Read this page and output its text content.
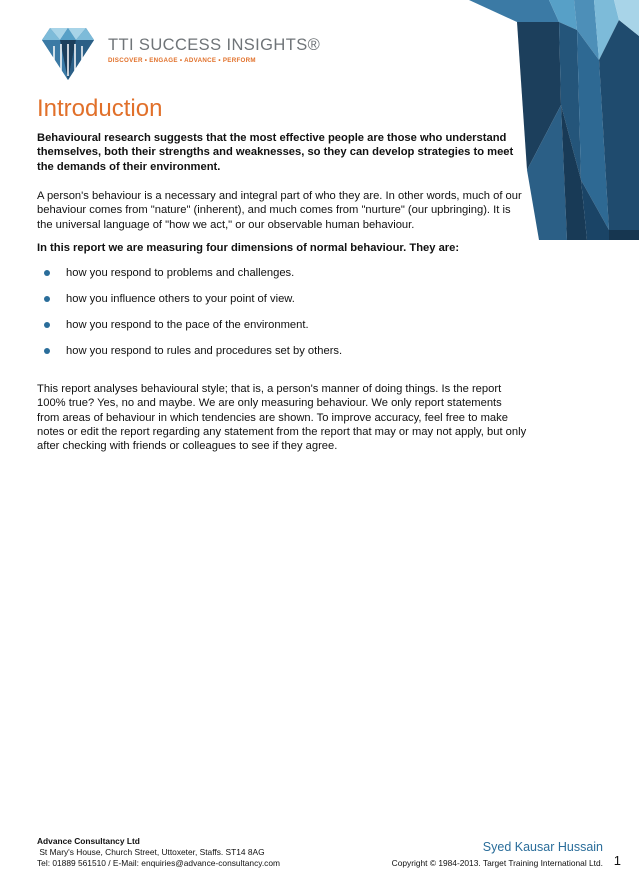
TTI SUCCESS INSIGHTS®
DISCOVER • ENGAGE • ADVANCE • PERFORM
Introduction

Behavioural research suggests that the most effective people are those who understand themselves, both their strengths and weaknesses, so they can develop strategies to meet the demands of their environment.

A person's behaviour is a necessary and integral part of who they are. In other words, much of our behaviour comes from "nature" (inherent), and much comes from "nurture" (our upbringing). It is the universal language of "how we act," or our observable human behaviour.

In this report we are measuring four dimensions of normal behaviour. They are:

how you respond to problems and challenges.
how you influence others to your point of view.
how you respond to the pace of the environment.
how you respond to rules and procedures set by others.

This report analyses behavioural style; that is, a person's manner of doing things. Is the report 100% true? Yes, no and maybe. We are only measuring behaviour. We only report statements from areas of behaviour in which tendencies are shown. To improve accuracy, feel free to make notes or edit the report regarding any statement from the report that may or may not apply, but only after checking with friends or colleagues to see if they agree.

Advance Consultancy Ltd
St Mary's House, Church Street, Uttoxeter, Staffs. ST14 8AG
Tel: 01889 561510 / E-Mail: enquiries@advance-consultancy.com
Syed Kausar Hussain
Copyright © 1984-2013. Target Training International Ltd. 1
